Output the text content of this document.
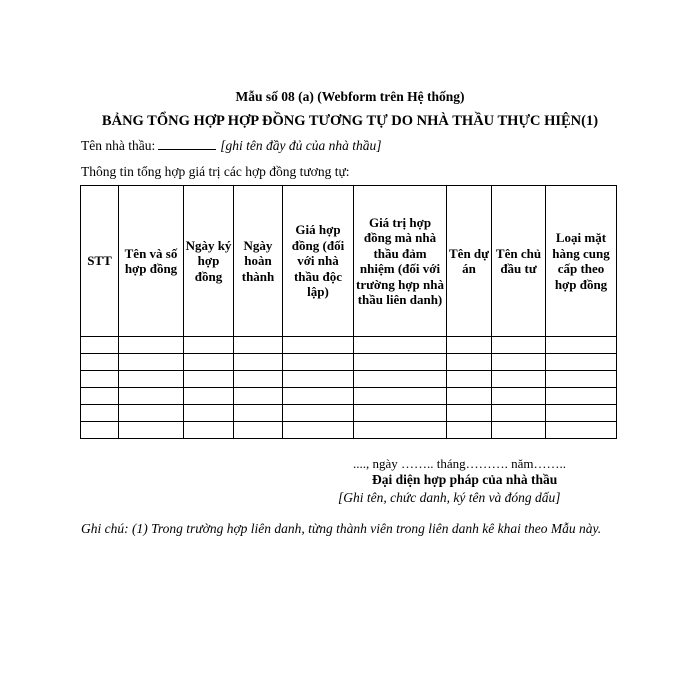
Mẫu số 08 (a) (Webform trên Hệ thống)
BẢNG TỔNG HỢP HỢP ĐỒNG TƯƠNG TỰ DO NHÀ THẦU THỰC HIỆN(1)
Tên nhà thầu:	[ghi tên đầy đủ của nhà thầu]
Thông tin tổng hợp giá trị các hợp đồng tương tự:
STT	Tên và số hợp đồng	Ngày ký hợp đồng	Ngày hoàn thành	Giá hợp đồng (đối với nhà thầu độc lập)	Giá trị hợp đồng mà nhà thầu đảm nhiệm (đối với trường hợp nhà thầu liên danh)	Tên dự án	Tên chủ đầu tư	Loại mặt hàng cung cấp theo hợp đồng

...., ngày …….. tháng………. năm……..
Đại diện hợp pháp của nhà thầu
[Ghi tên, chức danh, ký tên và đóng dấu]
Ghi chú: (1) Trong trường hợp liên danh, từng thành viên trong liên danh kê khai theo Mẫu này.
